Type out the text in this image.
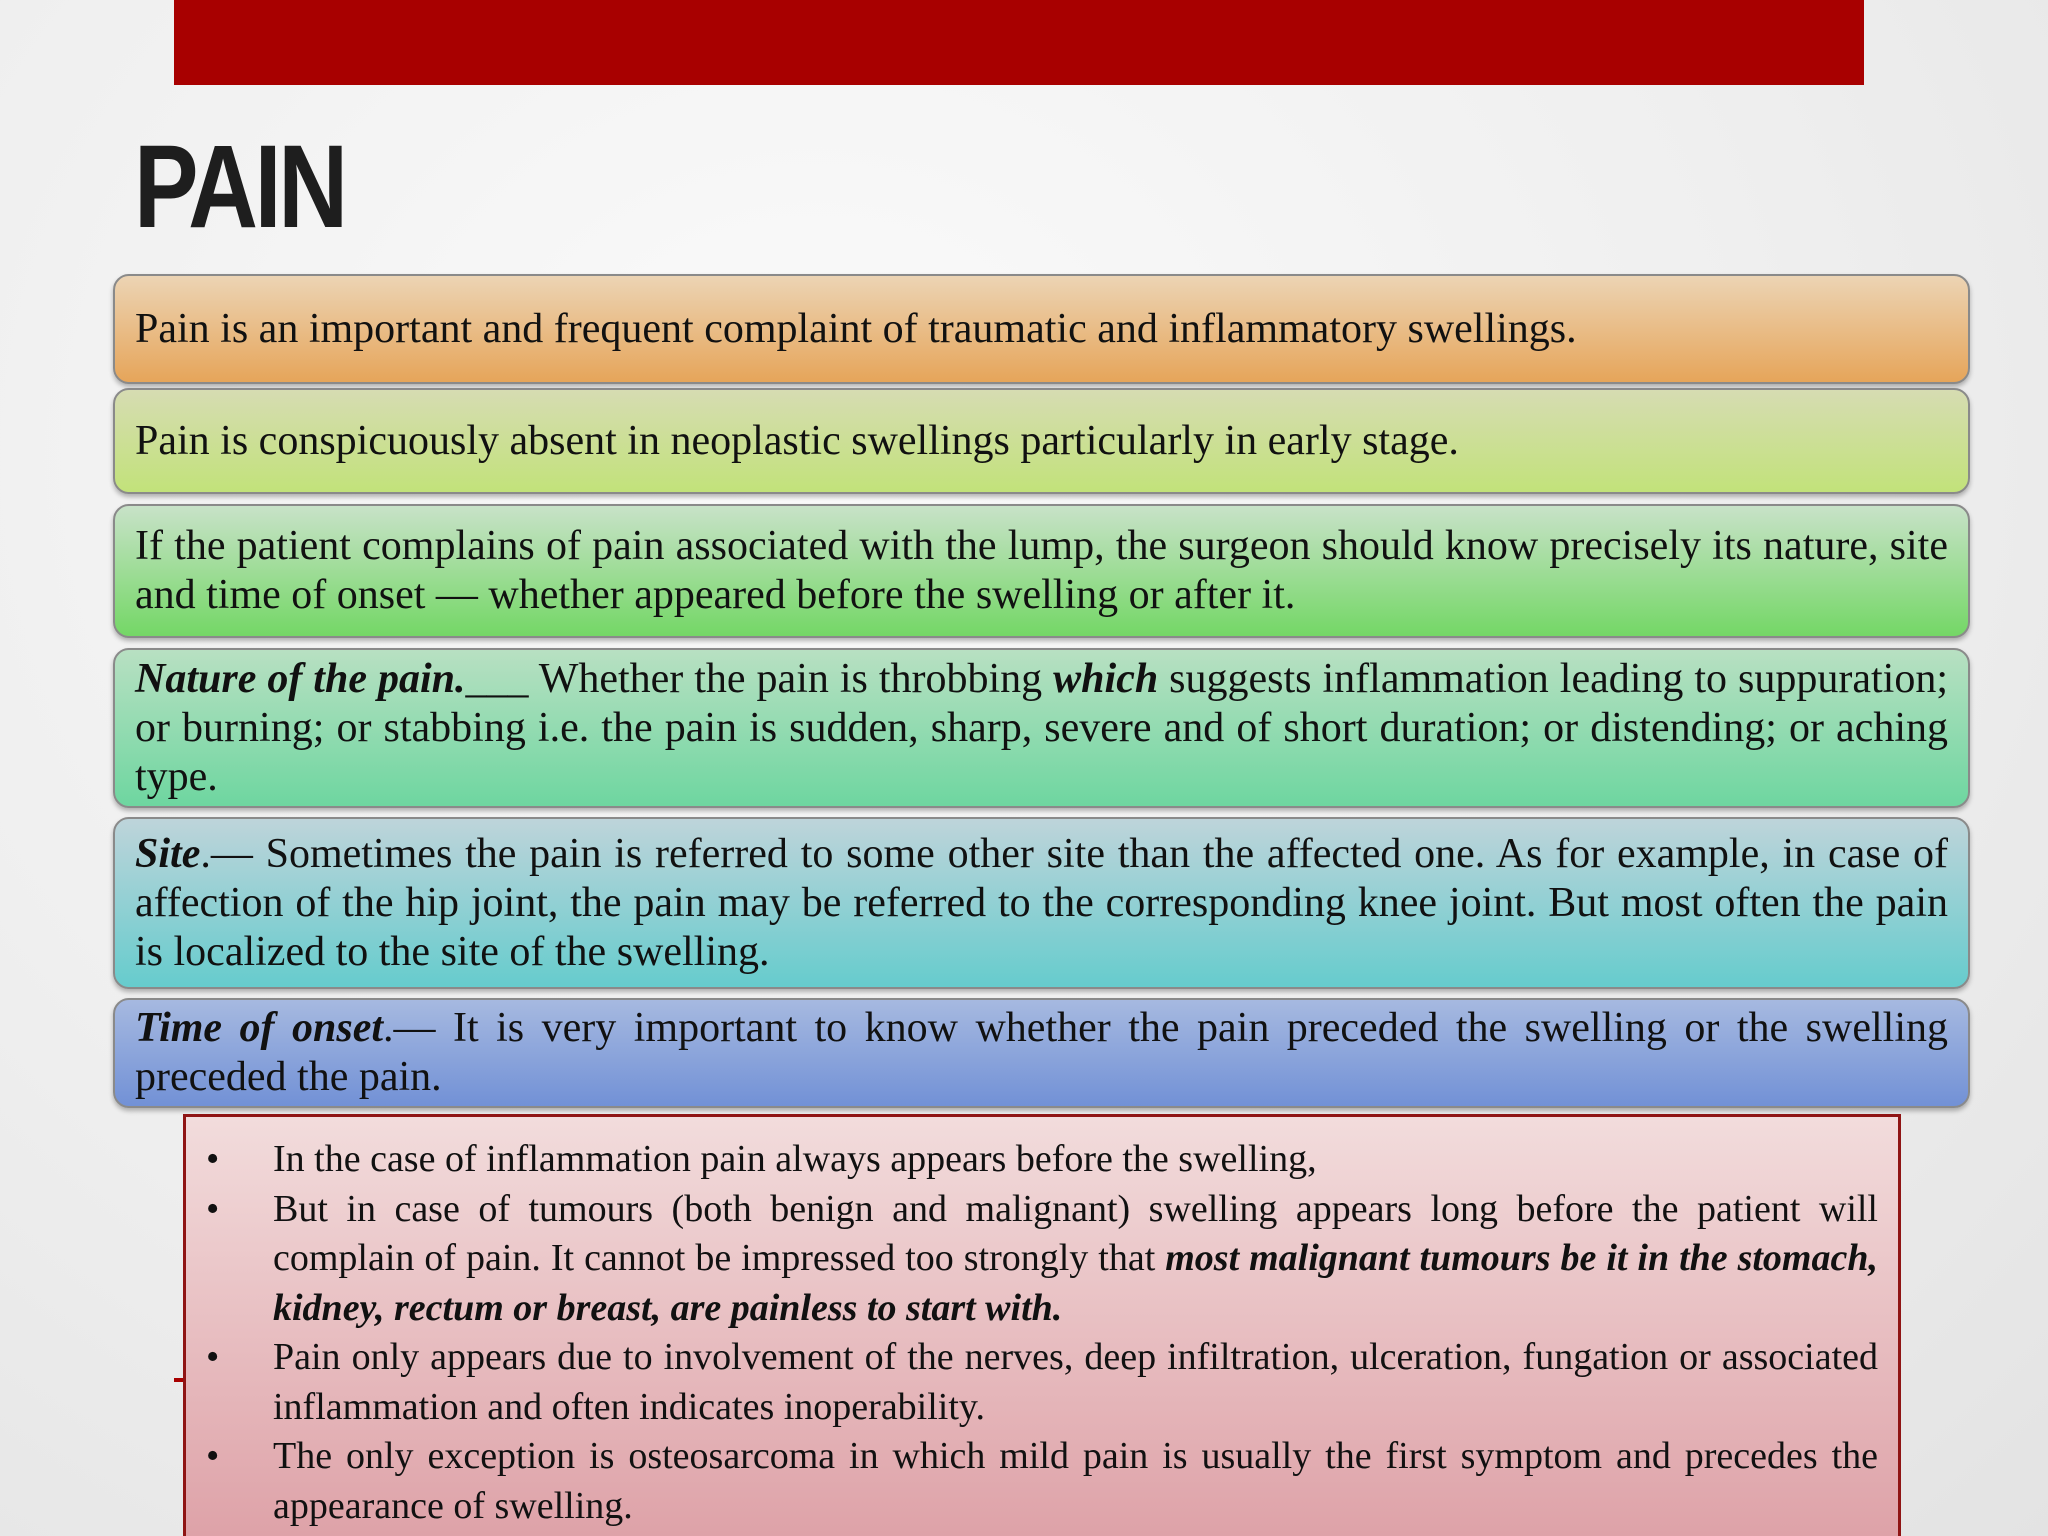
PAIN

Pain is an important and frequent complaint of traumatic and inflammatory swellings.

Pain is conspicuously absent in neoplastic swellings particularly in early stage.

If the patient complains of pain associated with the lump, the surgeon should know precisely its nature, site and time of onset — whether appeared before the swelling or after it.

Nature of the pain.___ Whether the pain is throbbing which suggests inflammation leading to suppuration; or burning; or stabbing i.e. the pain is sudden, sharp, severe and of short duration; or distending; or aching type.

Site.— Sometimes the pain is referred to some other site than the affected one. As for example, in case of affection of the hip joint, the pain may be referred to the corresponding knee joint. But most often the pain is localized to the site of the swelling.

Time of onset.— It is very important to know whether the pain preceded the swelling or the swelling preceded the pain.

•	In the case of inflammation pain always appears before the swelling,
•	But in case of tumours (both benign and malignant) swelling appears long before the patient will complain of pain. It cannot be impressed too strongly that most malignant tumours be it in the stomach, kidney, rectum or breast, are painless to start with.
•	Pain only appears due to involvement of the nerves, deep infiltration, ulceration, fungation or associated inflammation and often indicates inoperability.
•	The only exception is osteosarcoma in which mild pain is usually the first symptom and precedes the appearance of swelling.
